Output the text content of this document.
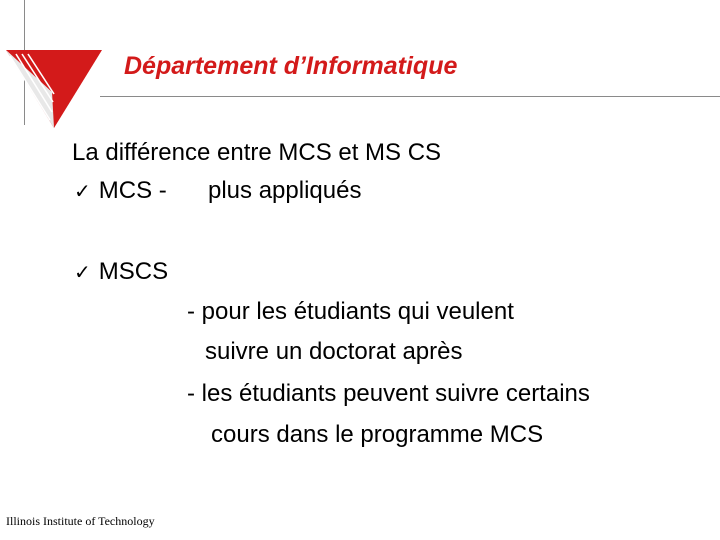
Département d’Informatique
La différence entre MCS et MS CS
✓ MCS - plus appliqués
✓ MSCS
- pour les étudiants qui veulent
suivre un doctorat après
- les étudiants peuvent suivre certains
cours dans le programme MCS
Illinois Institute of Technology
